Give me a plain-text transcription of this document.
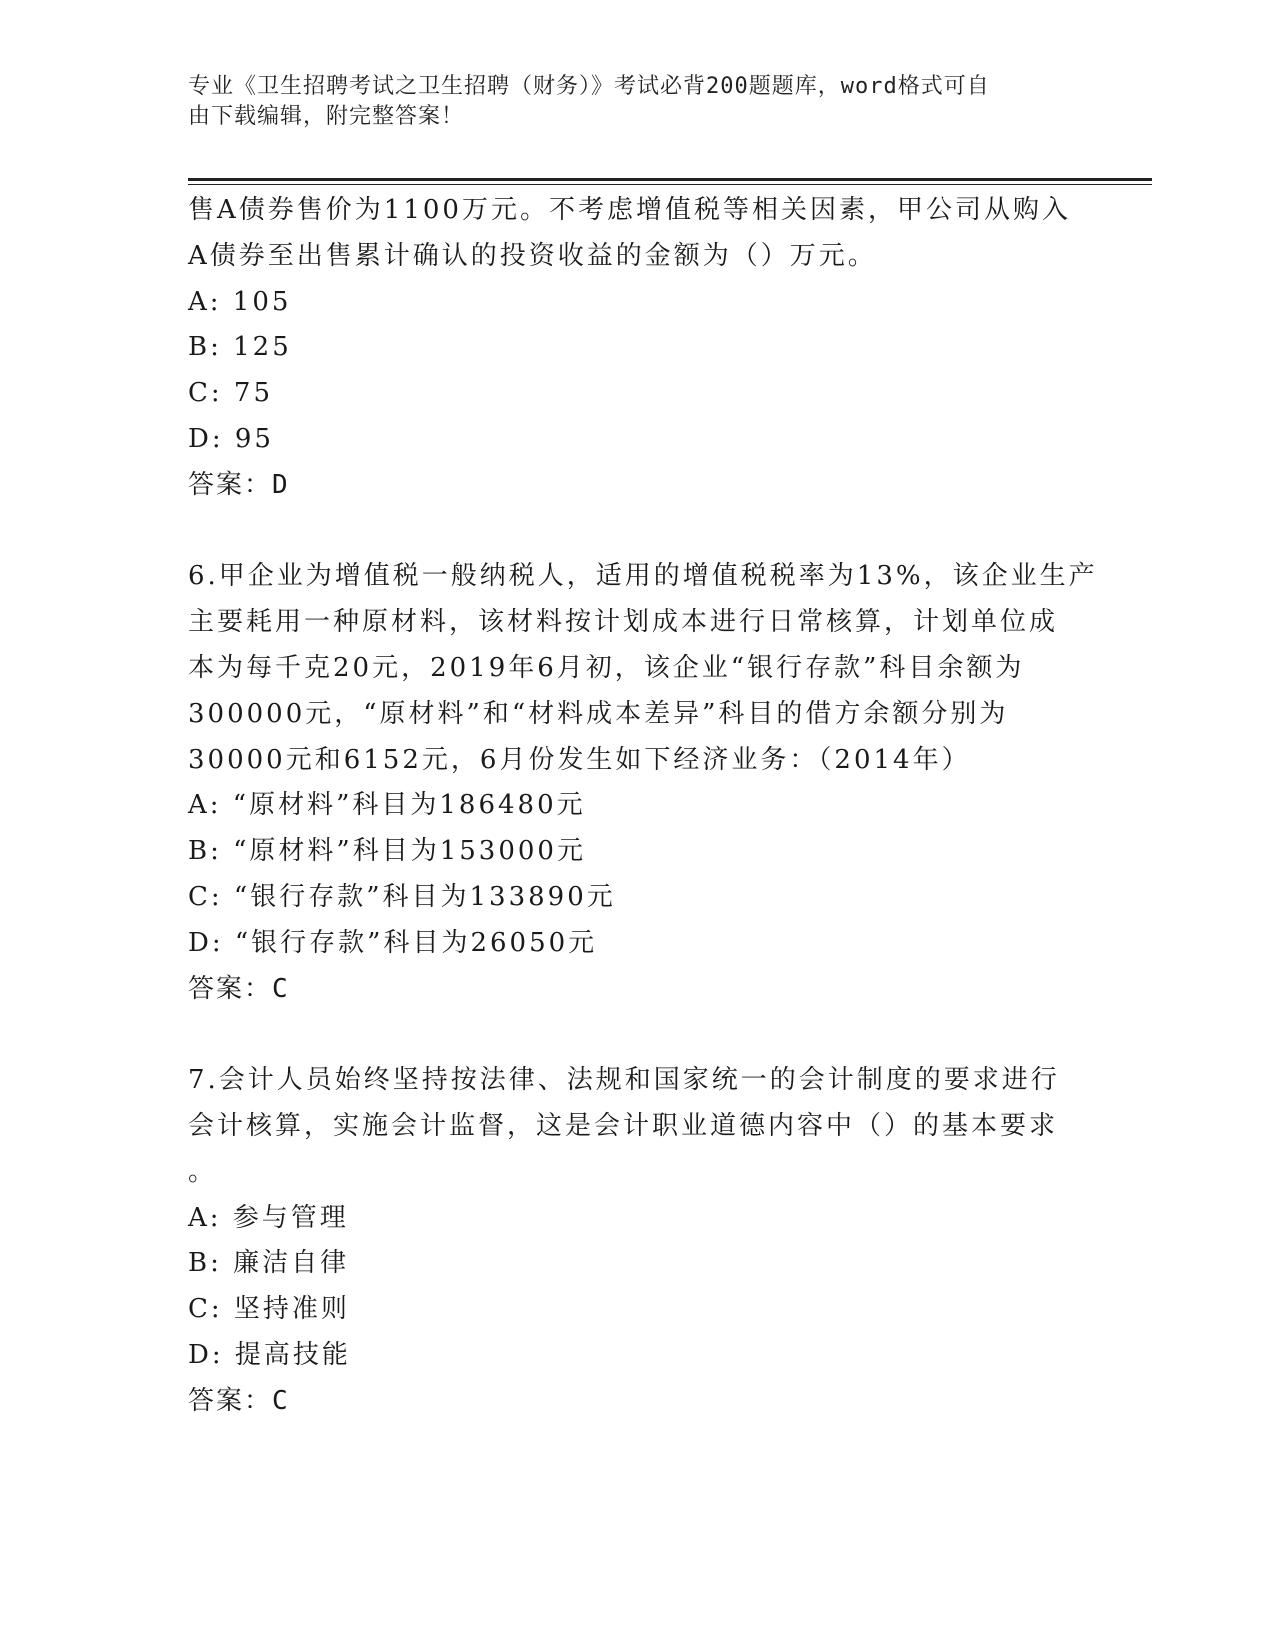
专业《卫生招聘考试之卫生招聘（财务）》考试必背200题题库，word格式可自
由下载编辑，附完整答案！
售A债券售价为1100万元。不考虑增值税等相关因素，甲公司从购入
A债券至出售累计确认的投资收益的金额为（）万元。
A: 105
B: 125
C: 75
D: 95
答案：D
6.甲企业为增值税一般纳税人，适用的增值税税率为13%，该企业生产
主要耗用一种原材料，该材料按计划成本进行日常核算，计划单位成
本为每千克20元，2019年6月初，该企业“银行存款”科目余额为
300000元，“原材料”和“材料成本差异”科目的借方余额分别为
30000元和6152元，6月份发生如下经济业务：（2014年）
A: “原材料”科目为186480元
B: “原材料”科目为153000元
C: “银行存款”科目为133890元
D: “银行存款”科目为26050元
答案：C
7.会计人员始终坚持按法律、法规和国家统一的会计制度的要求进行
会计核算，实施会计监督，这是会计职业道德内容中（）的基本要求
。
A: 参与管理
B: 廉洁自律
C: 坚持准则
D: 提高技能
答案：C
